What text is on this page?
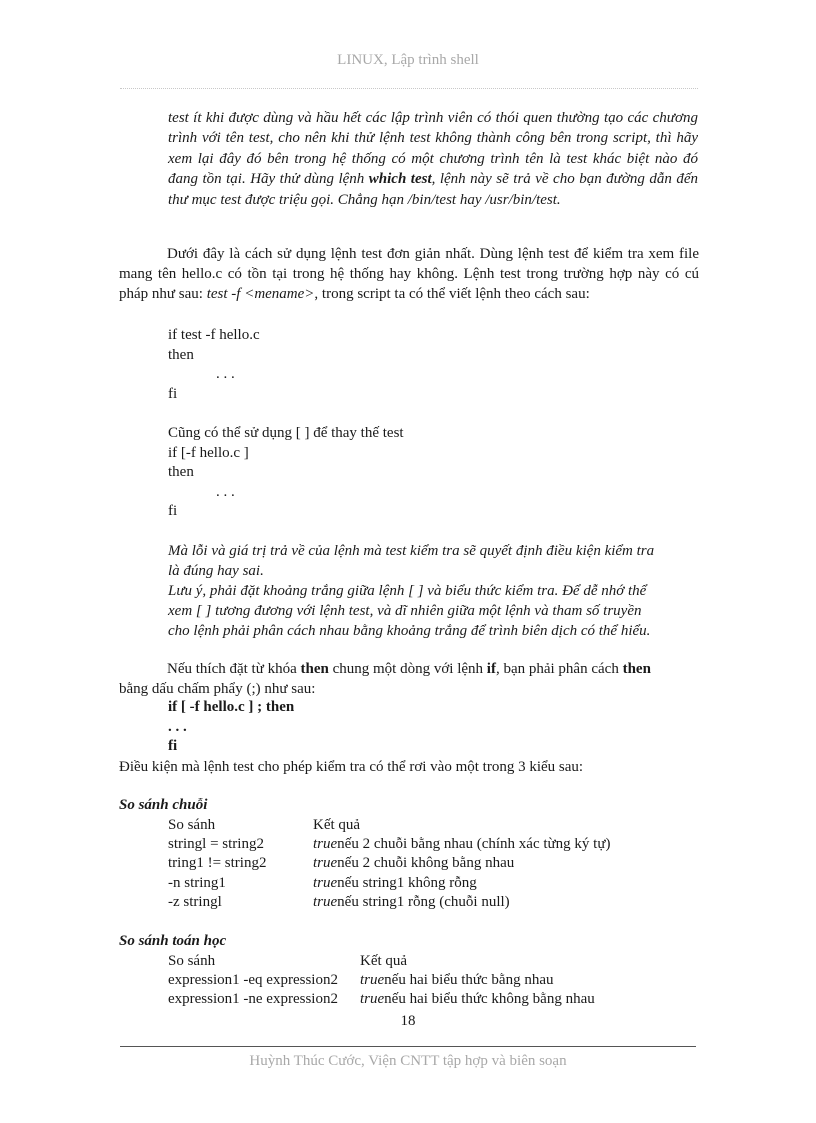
LINUX, Lập trình shell
test ít khi được dùng và hầu hết các lập trình viên có thói quen thường tạo các chương trình với tên test, cho nên khi thử lệnh test không thành công bên trong script, thì hãy xem lại đây đó bên trong hệ thống có một chương trình tên là test khác biệt nào đó đang tồn tại. Hãy thử dùng lệnh which test, lệnh này sẽ trả về cho bạn đường dẫn đến thư mục test được triệu gọi. Chẳng hạn /bin/test hay /usr/bin/test.
Dưới đây là cách sử dụng lệnh test đơn giản nhất. Dùng lệnh test để kiểm tra xem file mang tên hello.c có tồn tại trong hệ thống hay không. Lệnh test trong trường hợp này có cú pháp như sau: test -f <mename>, trong script ta có thể viết lệnh theo cách sau:
if test -f hello.c
then
. . .
fi
Cũng có thể sử dụng [ ] để thay thế test
if [-f hello.c ]
then
. . .
fi
Mà lỗi và giá trị trả về của lệnh mà test kiểm tra sẽ quyết định điều kiện kiểm tra
là đúng hay sai.
Lưu ý, phải đặt khoảng trắng giữa lệnh [ ] và biểu thức kiểm tra. Để dễ nhớ thể
xem [ ] tương đương với lệnh test, và dĩ nhiên giữa một lệnh và tham số truyền
cho lệnh phải phân cách nhau bằng khoảng trắng để trình biên dịch có thể hiểu.
Nếu thích đặt từ khóa then chung một dòng với lệnh if, bạn phải phân cách then
bằng dấu chấm phẩy (;) như sau:
if [ -f hello.c ] ; then
. . .
fi
Điều kiện mà lệnh test cho phép kiểm tra có thể rơi vào một trong 3 kiểu sau:
So sánh chuỗi
So sánh	Kết quả
stringl = string2	true nếu 2 chuỗi bằng nhau (chính xác từng ký tự)
tring1 != string2	true nếu 2 chuỗi không bằng nhau
-n string1	true nếu string1 không rỗng
-z stringl	true nếu string1 rỗng (chuỗi null)
So sánh toán học
So sánh	Kết quả
expression1 -eq expression2	true nếu hai biểu thức bằng nhau
expression1 -ne expression2	true nếu hai biểu thức không bằng nhau
18
Huỳnh Thúc Cước, Viện CNTT tập hợp và biên soạn
